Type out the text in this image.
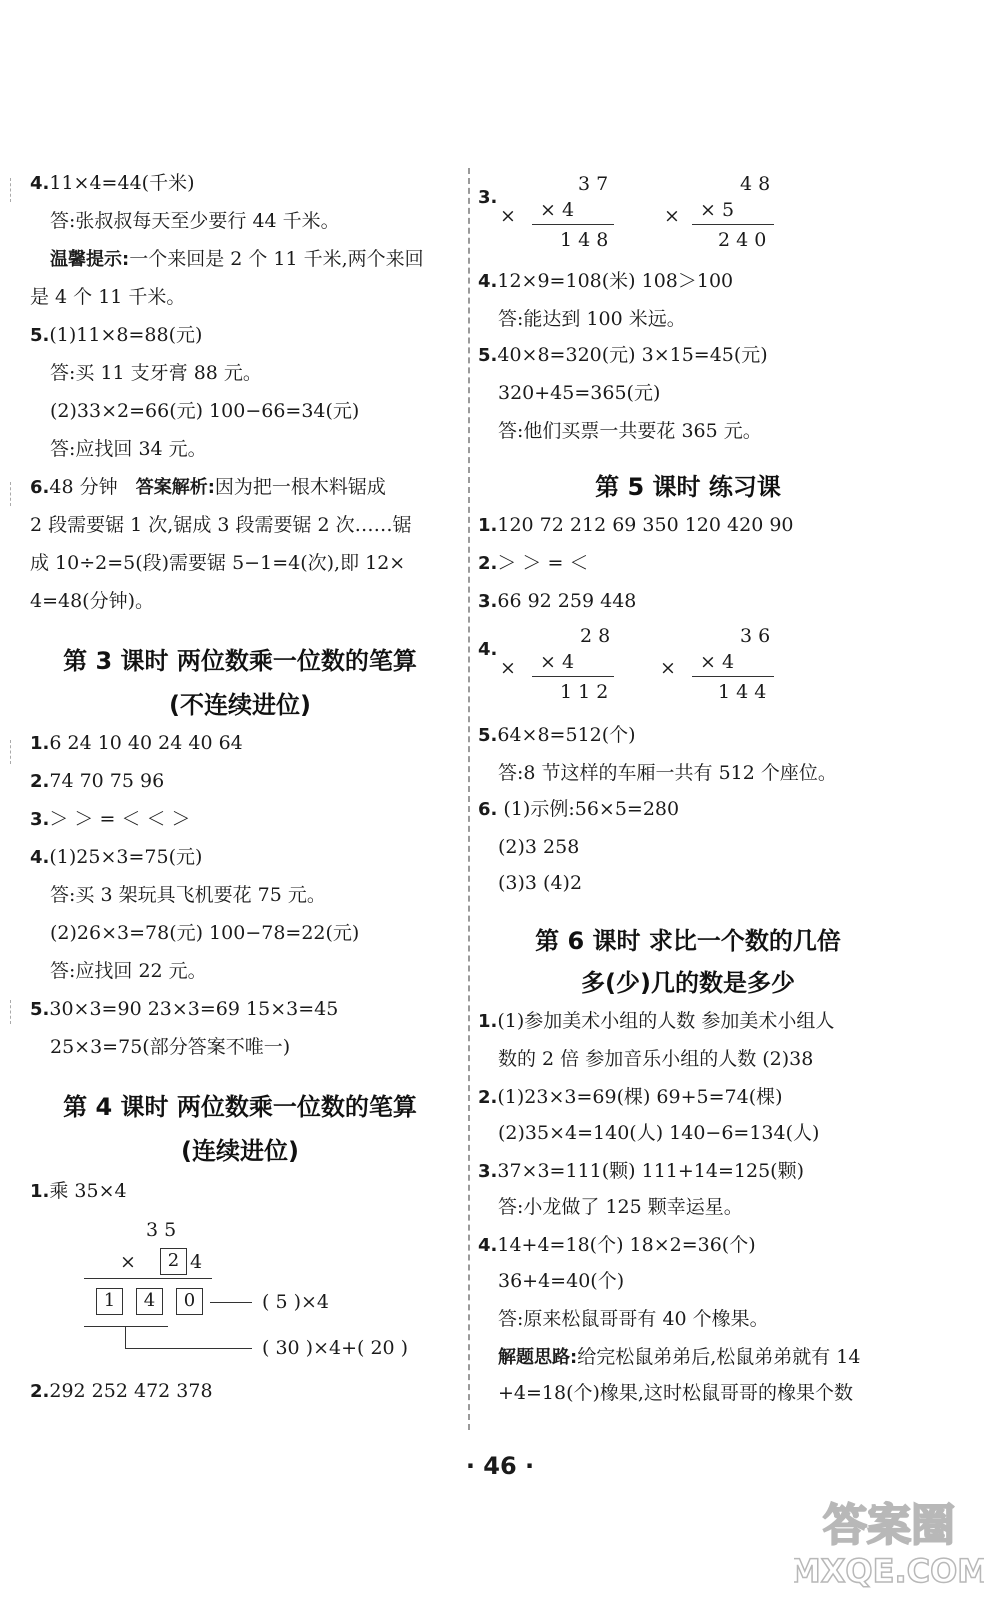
4.11×4=44(千米)
答:张叔叔每天至少要行 44 千米。
温馨提示:一个来回是 2 个 11 千米,两个来回
是 4 个 11 千米。
5.(1)11×8=88(元)
答:买 11 支牙膏 88 元。
(2)33×2=66(元) 100−66=34(元)
答:应找回 34 元。
6.48 分钟 答案解析:因为把一根木料锯成
2 段需要锯 1 次,锯成 3 段需要锯 2 次……锯
成 10÷2=5(段)需要锯 5−1=4(次),即 12×
4=48(分钟)。
第 3 课时 两位数乘一位数的笔算
(不连续进位)
1.6 24 10 40 24 40 64
2.74 70 75 96
3.＞ ＞ = ＜ ＜ ＞
4.(1)25×3=75(元)
答:买 3 架玩具飞机要花 75 元。
(2)26×3=78(元) 100−78=22(元)
答:应找回 22 元。
5.30×3=90 23×3=69 15×3=45
25×3=75(部分答案不唯一)
第 4 课时 两位数乘一位数的笔算
(连续进位)
1.乘 35×4
3 5
×	2 4
1	4	0	( 5 )×4
( 30 )×4+( 20 )
2.292 252 472 378
3.
×
3 7
× 4
1 4 8
×
4 8
× 5
2 4 0
4.12×9=108(米) 108＞100
答:能达到 100 米远。
5.40×8=320(元) 3×15=45(元)
320+45=365(元)
答:他们买票一共要花 365 元。
第 5 课时 练习课
1.120 72 212 69 350 120 420 90
2.＞ ＞ = ＜
3.66 92 259 448
4.
×
2 8
× 4
1 1 2
×
3 6
× 4
1 4 4
5.64×8=512(个)
答:8 节这样的车厢一共有 512 个座位。
6. (1)示例:56×5=280
(2)3 258
(3)3 (4)2
第 6 课时 求比一个数的几倍
多(少)几的数是多少
1.(1)参加美术小组的人数 参加美术小组人
数的 2 倍 参加音乐小组的人数 (2)38
2.(1)23×3=69(棵) 69+5=74(棵)
(2)35×4=140(人) 140−6=134(人)
3.37×3=111(颗) 111+14=125(颗)
答:小龙做了 125 颗幸运星。
4.14+4=18(个) 18×2=36(个)
36+4=40(个)
答:原来松鼠哥哥有 40 个橡果。
解题思路:给完松鼠弟弟后,松鼠弟弟就有 14
+4=18(个)橡果,这时松鼠哥哥的橡果个数
· 46 ·
答案圈
MXQE.COM
